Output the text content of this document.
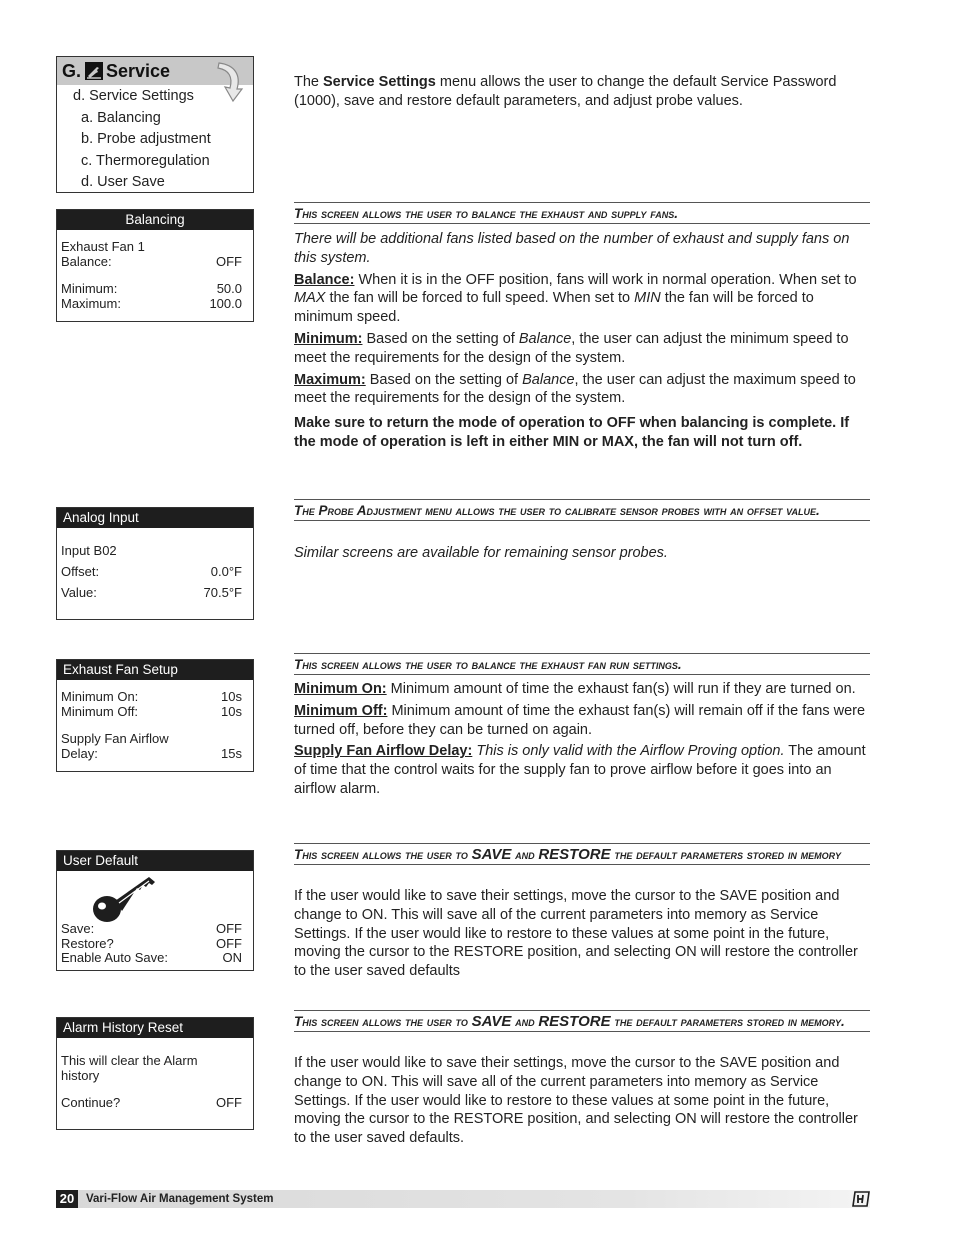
G. Service
d. Service Settings
a. Balancing
b. Probe adjustment
c. Thermoregulation
d. User Save
The Service Settings menu allows the user to change the default Service Password (1000), save and restore default parameters, and adjust probe values.
Balancing
Exhaust Fan 1
Balance:	OFF
Minimum:	50.0
Maximum:	100.0
This screen allows the user to balance the exhaust and supply fans.

There will be additional fans listed based on the number of exhaust and supply fans on this system.

Balance: When it is in the OFF position, fans will work in normal operation. When set to MAX the fan will be forced to full speed. When set to MIN the fan will be forced to minimum speed.

Minimum: Based on the setting of Balance, the user can adjust the minimum speed to meet the requirements for the design of the system.

Maximum: Based on the setting of Balance, the user can adjust the maximum speed to meet the requirements for the design of the system.

Make sure to return the mode of operation to OFF when balancing is complete. If the mode of operation is left in either MIN or MAX, the fan will not turn off.

Analog Input
Input B02
Offset:	0.0°F
Value:	70.5°F
The Probe Adjustment menu allows the user to calibrate sensor probes with an offset value.
Similar screens are available for remaining sensor probes.
Exhaust Fan Setup
Minimum On:	10s
Minimum Off:	10s
Supply Fan Airflow
Delay:	15s
This screen allows the user to balance the exhaust fan run settings.

Minimum On: Minimum amount of time the exhaust fan(s) will run if they are turned on.

Minimum Off: Minimum amount of time the exhaust fan(s) will remain off if the fans were turned off, before they can be turned on again.

Supply Fan Airflow Delay: This is only valid with the Airflow Proving option. The amount of time that the control waits for the supply fan to prove airflow before it goes into an airflow alarm.

User Default
Save:	OFF
Restore?	OFF
Enable Auto Save:	ON
This screen allows the user to SAVE and RESTORE the default parameters stored in memory
If the user would like to save their settings, move the cursor to the SAVE position and change to ON. This will save all of the current parameters into memory as Service Settings. If the user would like to restore to these values at some point in the future, moving the cursor to the RESTORE position, and selecting ON will restore the controller to the user saved defaults
Alarm History Reset
This will clear the Alarm
history
Continue?	OFF
This screen allows the user to SAVE and RESTORE the default parameters stored in memory.
If the user would like to save their settings, move the cursor to the SAVE position and change to ON. This will save all of the current parameters into memory as Service Settings. If the user would like to restore to these values at some point in the future, moving the cursor to the RESTORE position, and selecting ON will restore the controller to the user saved defaults.
20	Vari-Flow Air Management System
